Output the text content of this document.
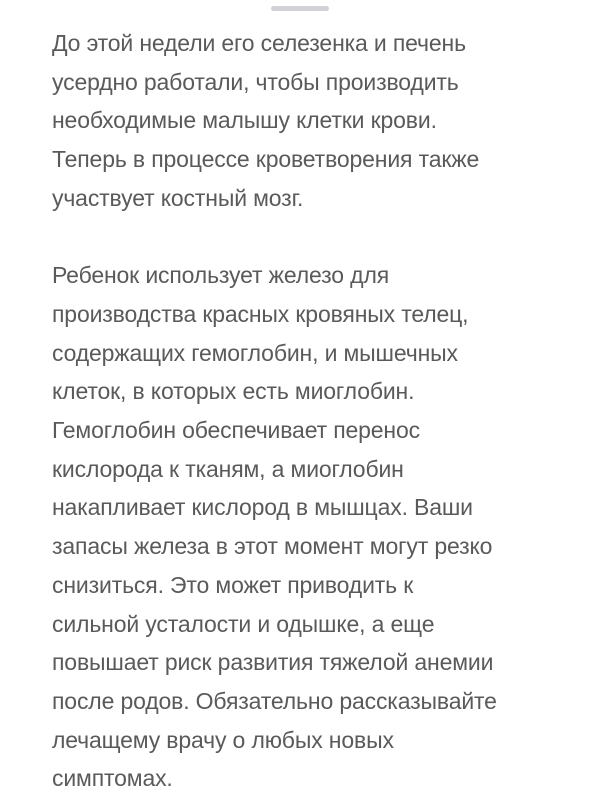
До этой недели его селезенка и печень
усердно работали, чтобы производить
необходимые малышу клетки крови.
Теперь в процессе кроветворения также
участвует костный мозг.
Ребенок использует железо для
производства красных кровяных телец,
содержащих гемоглобин, и мышечных
клеток, в которых есть миоглобин.
Гемоглобин обеспечивает перенос
кислорода к тканям, а миоглобин
накапливает кислород в мышцах. Ваши
запасы железа в этот момент могут резко
снизиться. Это может приводить к
сильной усталости и одышке, а еще
повышает риск развития тяжелой анемии
после родов. Обязательно рассказывайте
лечащему врачу о любых новых
симптомах.
